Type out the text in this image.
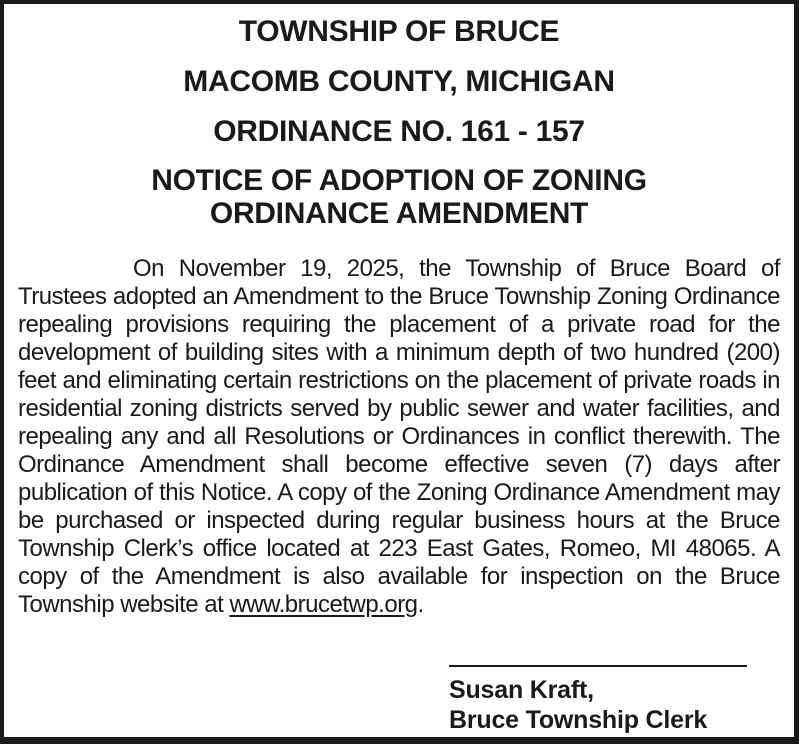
TOWNSHIP OF BRUCE
MACOMB COUNTY, MICHIGAN
ORDINANCE NO. 161 - 157
NOTICE OF ADOPTION OF ZONING
ORDINANCE AMENDMENT

On November 19, 2025, the Township of Bruce Board of Trustees adopted an Amendment to the Bruce Township Zoning Ordinance repealing provisions requiring the placement of a private road for the development of building sites with a minimum depth of two hundred (200) feet and eliminating certain restrictions on the placement of private roads in residential zoning districts served by public sewer and water facilities, and repealing any and all Resolutions or Ordinances in conflict therewith. The Ordinance Amendment shall become effective seven (7) days after publication of this Notice. A copy of the Zoning Ordinance Amendment may be purchased or inspected during regular business hours at the Bruce Township Clerk’s office located at 223 East Gates, Romeo, MI 48065. A copy of the Amendment is also available for inspection on the Bruce Township website at www.brucetwp.org.

Susan Kraft,
Bruce Township Clerk
